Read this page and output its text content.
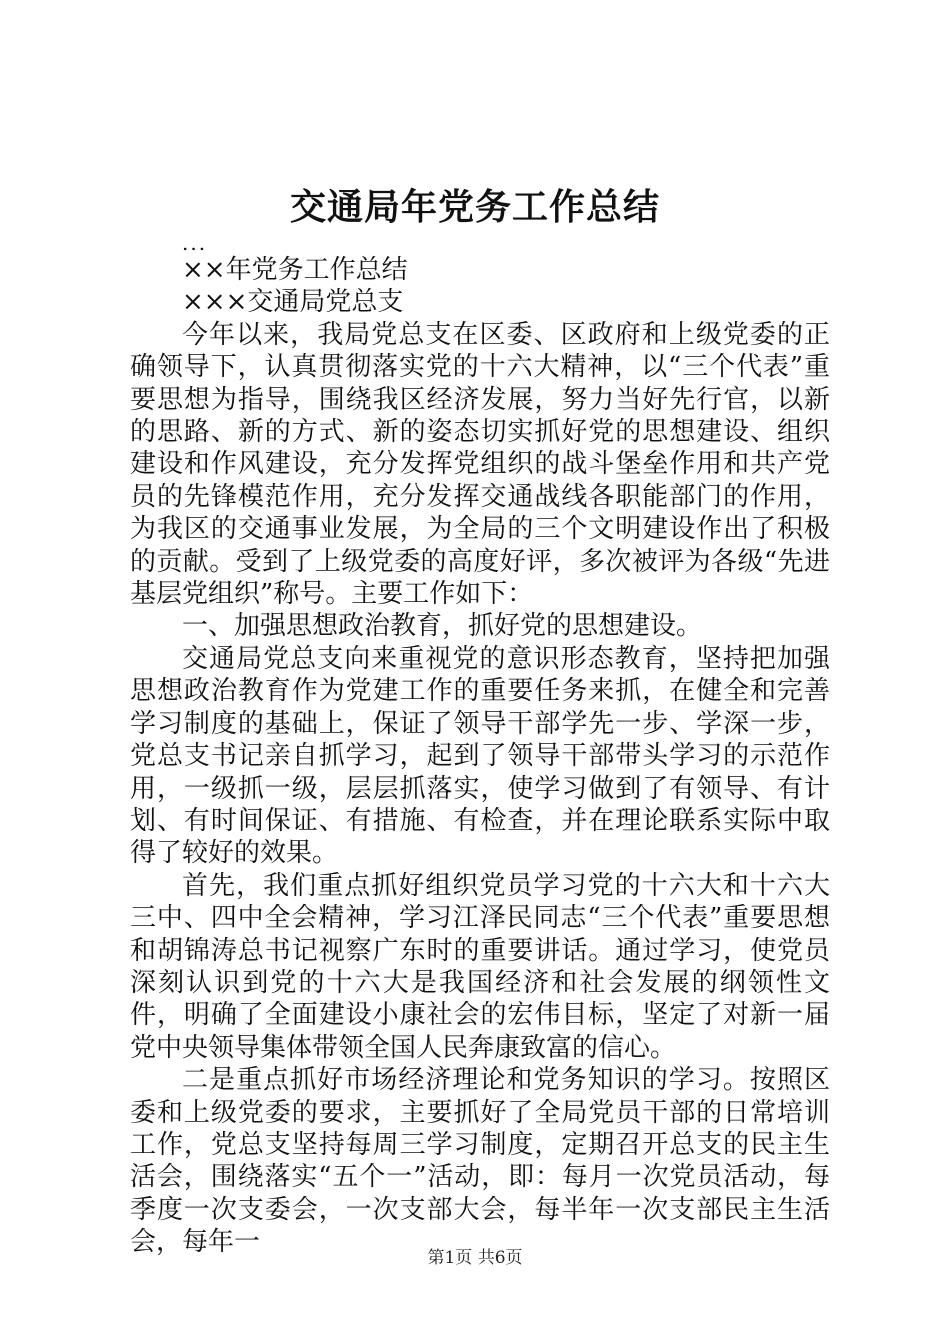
交通局年党务工作总结

...

××年党务工作总结

×××交通局党总支

今年以来，我局党总支在区委、区政府和上级党委的正确领导下，认真贯彻落实党的十六大精神，以“三个代表”重要思想为指导，围绕我区经济发展，努力当好先行官，以新的思路、新的方式、新的姿态切实抓好党的思想建设、组织建设和作风建设，充分发挥党组织的战斗堡垒作用和共产党员的先锋模范作用，充分发挥交通战线各职能部门的作用，为我区的交通事业发展，为全局的三个文明建设作出了积极的贡献。受到了上级党委的高度好评，多次被评为各级“先进基层党组织”称号。主要工作如下：

一、加强思想政治教育，抓好党的思想建设。

交通局党总支向来重视党的意识形态教育，坚持把加强思想政治教育作为党建工作的重要任务来抓，在健全和完善学习制度的基础上，保证了领导干部学先一步、学深一步，党总支书记亲自抓学习，起到了领导干部带头学习的示范作用，一级抓一级，层层抓落实，使学习做到了有领导、有计划、有时间保证、有措施、有检查，并在理论联系实际中取得了较好的效果。

首先，我们重点抓好组织党员学习党的十六大和十六大三中、四中全会精神，学习江泽民同志“三个代表”重要思想和胡锦涛总书记视察广东时的重要讲话。通过学习，使党员深刻认识到党的十六大是我国经济和社会发展的纲领性文件，明确了全面建设小康社会的宏伟目标，坚定了对新一届党中央领导集体带领全国人民奔康致富的信心。

二是重点抓好市场经济理论和党务知识的学习。按照区委和上级党委的要求，主要抓好了全局党员干部的日常培训工作，党总支坚持每周三学习制度，定期召开总支的民主生活会，围绕落实“五个一”活动，即：每月一次党员活动，每季度一次支委会，一次支部大会，每半年一次支部民主生活会，每年一

第1页 共6页
